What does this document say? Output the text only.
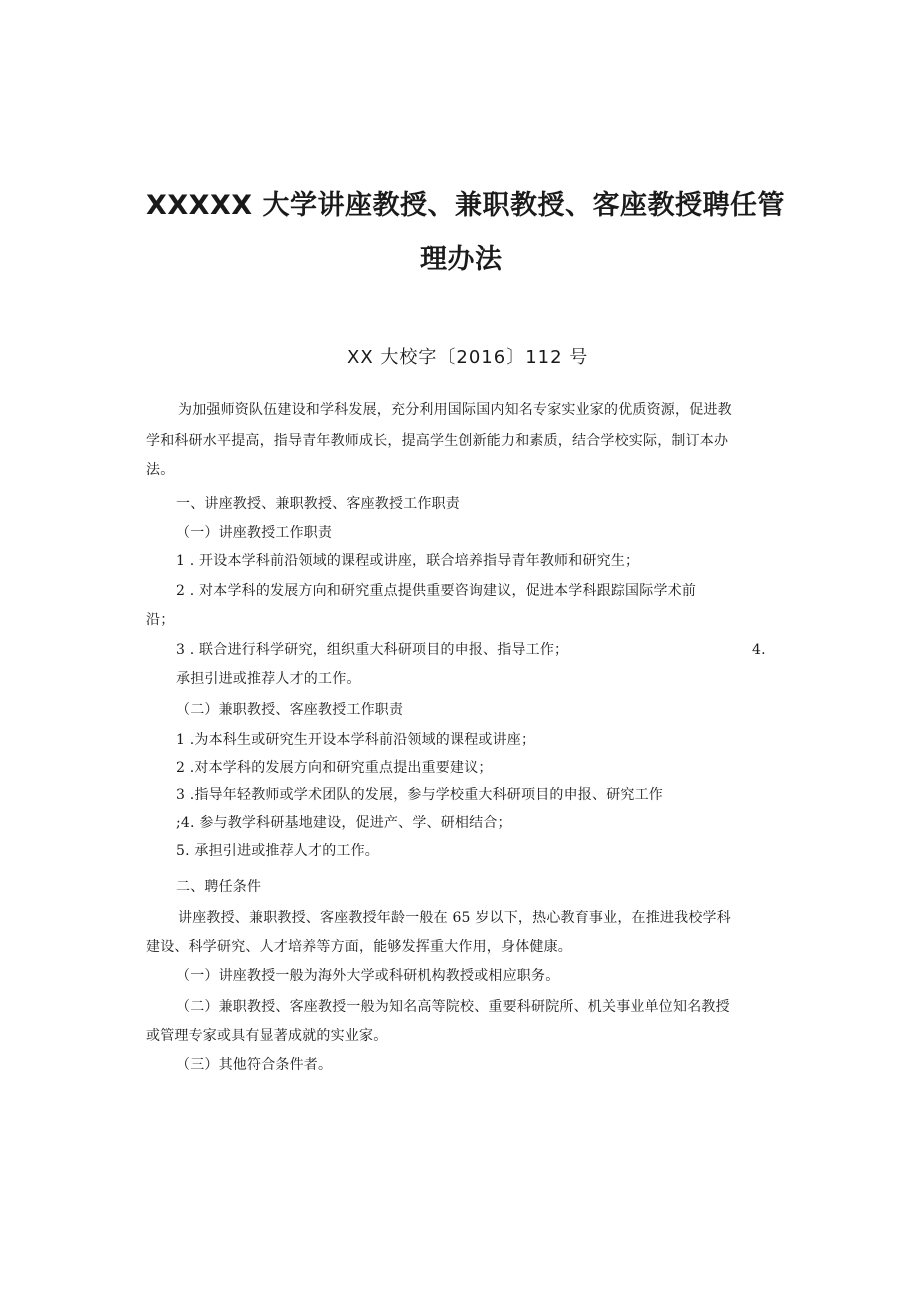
XXXXX 大学讲座教授、兼职教授、客座教授聘任管
理办法
XX 大校字〔2016〕112 号
为加强师资队伍建设和学科发展，充分利用国际国内知名专家实业家的优质资源，促进教
学和科研水平提高，指导青年教师成长，提高学生创新能力和素质，结合学校实际，制订本办
法。
一、讲座教授、兼职教授、客座教授工作职责
（一）讲座教授工作职责
1 . 开设本学科前沿领域的课程或讲座，联合培养指导青年教师和研究生；
2 . 对本学科的发展方向和研究重点提供重要咨询建议，促进本学科跟踪国际学术前
沿；
3 . 联合进行科学研究，组织重大科研项目的申报、指导工作；	4.
承担引进或推荐人才的工作。
（二）兼职教授、客座教授工作职责
1 .为本科生或研究生开设本学科前沿领域的课程或讲座；
2 .对本学科的发展方向和研究重点提出重要建议；
3 .指导年轻教师或学术团队的发展，参与学校重大科研项目的申报、研究工作
;4. 参与教学科研基地建设，促进产、学、研相结合；
5. 承担引进或推荐人才的工作。
二、聘任条件
讲座教授、兼职教授、客座教授年龄一般在 65 岁以下，热心教育事业，在推进我校学科
建设、科学研究、人才培养等方面，能够发挥重大作用，身体健康。
（一）讲座教授一般为海外大学或科研机构教授或相应职务。
（二）兼职教授、客座教授一般为知名高等院校、重要科研院所、机关事业单位知名教授
或管理专家或具有显著成就的实业家。
（三）其他符合条件者。
